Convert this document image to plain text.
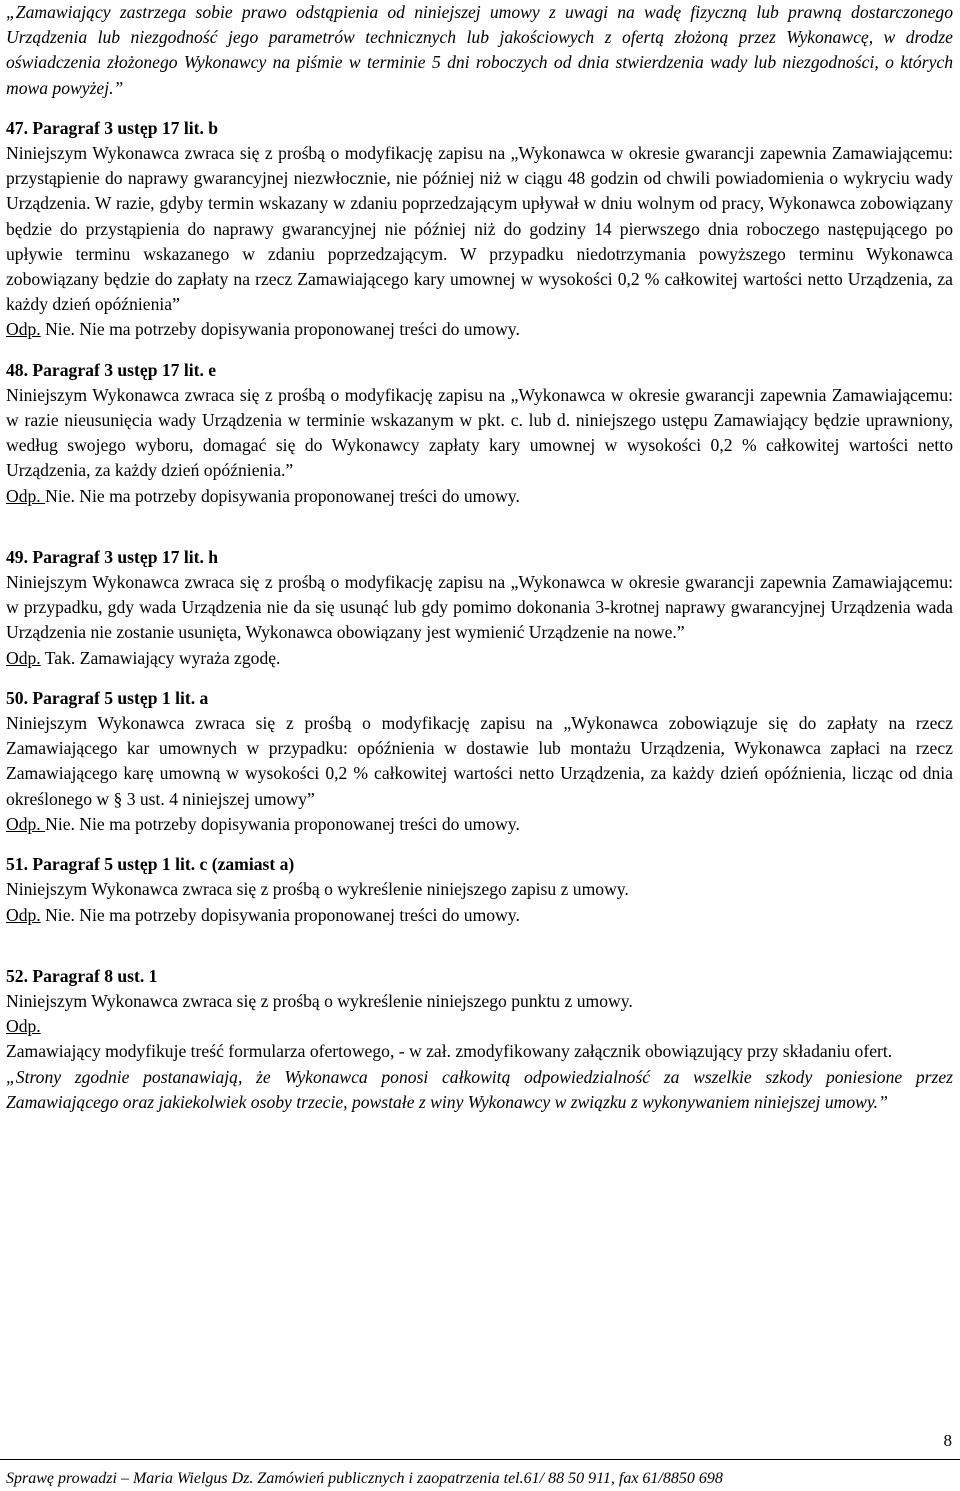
„Zamawiający zastrzega sobie prawo odstąpienia od niniejszej umowy z uwagi na wadę fizyczną lub prawną dostarczonego Urządzenia lub niezgodność jego parametrów technicznych lub jakościowych z ofertą złożoną przez Wykonawcę, w drodze oświadczenia złożonego Wykonawcy na piśmie w terminie 5 dni roboczych od dnia stwierdzenia wady lub niezgodności, o których mowa powyżej.”

47. Paragraf 3 ustęp 17 lit. b

Niniejszym Wykonawca zwraca się z prośbą o modyfikację zapisu na „Wykonawca w okresie gwarancji zapewnia Zamawiającemu: przystąpienie do naprawy gwarancyjnej niezwłocznie, nie później niż w ciągu 48 godzin od chwili powiadomienia o wykryciu wady Urządzenia. W razie, gdyby termin wskazany w zdaniu poprzedzającym upływał w dniu wolnym od pracy, Wykonawca zobowiązany będzie do przystąpienia do naprawy gwarancyjnej nie później niż do godziny 14 pierwszego dnia roboczego następującego po upływie terminu wskazanego w zdaniu poprzedzającym. W przypadku niedotrzymania powyższego terminu Wykonawca zobowiązany będzie do zapłaty na rzecz Zamawiającego kary umownej w wysokości 0,2 % całkowitej wartości netto Urządzenia, za każdy dzień opóźnienia”

Odp. Nie. Nie ma potrzeby dopisywania proponowanej treści do umowy.

48. Paragraf 3 ustęp 17 lit. e

Niniejszym Wykonawca zwraca się z prośbą o modyfikację zapisu na „Wykonawca w okresie gwarancji zapewnia Zamawiającemu: w razie nieusunięcia wady Urządzenia w terminie wskazanym w pkt. c. lub d. niniejszego ustępu Zamawiający będzie uprawniony, według swojego wyboru, domagać się do Wykonawcy zapłaty kary umownej w wysokości 0,2 % całkowitej wartości netto Urządzenia, za każdy dzień opóźnienia.”

Odp. Nie. Nie ma potrzeby dopisywania proponowanej treści do umowy.

49. Paragraf 3 ustęp 17 lit. h

Niniejszym Wykonawca zwraca się z prośbą o modyfikację zapisu na „Wykonawca w okresie gwarancji zapewnia Zamawiającemu: w przypadku, gdy wada Urządzenia nie da się usunąć lub gdy pomimo dokonania 3-krotnej naprawy gwarancyjnej Urządzenia wada Urządzenia nie zostanie usunięta, Wykonawca obowiązany jest wymienić Urządzenie na nowe.”

Odp. Tak. Zamawiający wyraża zgodę.

50. Paragraf 5 ustęp 1 lit. a

Niniejszym Wykonawca zwraca się z prośbą o modyfikację zapisu na „Wykonawca zobowiązuje się do zapłaty na rzecz Zamawiającego kar umownych w przypadku: opóźnienia w dostawie lub montażu Urządzenia, Wykonawca zapłaci na rzecz Zamawiającego karę umowną w wysokości 0,2 % całkowitej wartości netto Urządzenia, za każdy dzień opóźnienia, licząc od dnia określonego w § 3 ust. 4 niniejszej umowy”

Odp. Nie. Nie ma potrzeby dopisywania proponowanej treści do umowy.

51. Paragraf 5 ustęp 1 lit. c (zamiast a)

Niniejszym Wykonawca zwraca się z prośbą o wykreślenie niniejszego zapisu z umowy.

Odp. Nie. Nie ma potrzeby dopisywania proponowanej treści do umowy.

52. Paragraf 8 ust. 1

Niniejszym Wykonawca zwraca się z prośbą o wykreślenie niniejszego punktu z umowy.

Odp.

Zamawiający modyfikuje treść formularza ofertowego, - w zał. zmodyfikowany załącznik obowiązujący przy składaniu ofert.

„Strony zgodnie postanawiają, że Wykonawca ponosi całkowitą odpowiedzialność za wszelkie szkody poniesione przez Zamawiającego oraz jakiekolwiek osoby trzecie, powstałe z winy Wykonawcy w związku z wykonywaniem niniejszej umowy.”

8
Sprawę prowadzi – Maria Wielgus Dz. Zamówień publicznych i zaopatrzenia tel.61/ 88 50 911, fax 61/8850 698
